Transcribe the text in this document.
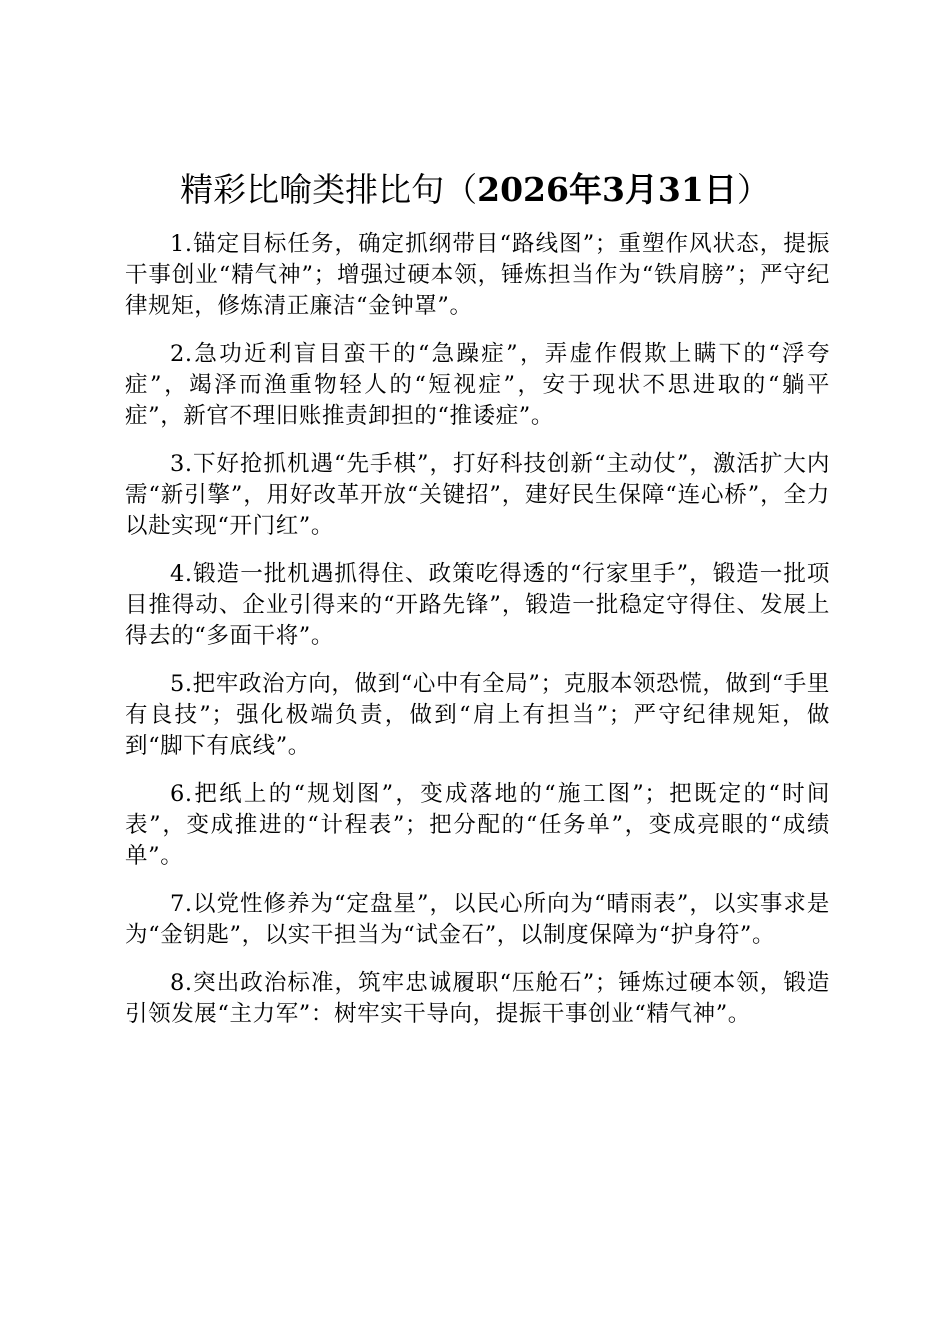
精彩比喻类排比句（2026年3月31日）

1.锚定目标任务，确定抓纲带目“路线图”；重塑作风状态，提振干事创业“精气神”；增强过硬本领，锤炼担当作为“铁肩膀”；严守纪律规矩，修炼清正廉洁“金钟罩”。

2.急功近利盲目蛮干的“急躁症”，弄虚作假欺上瞒下的“浮夸症”，竭泽而渔重物轻人的“短视症”，安于现状不思进取的“躺平症”，新官不理旧账推责卸担的“推诿症”。

3.下好抢抓机遇“先手棋”，打好科技创新“主动仗”，激活扩大内需“新引擎”，用好改革开放“关键招”，建好民生保障“连心桥”，全力以赴实现“开门红”。

4.锻造一批机遇抓得住、政策吃得透的“行家里手”，锻造一批项目推得动、企业引得来的“开路先锋”，锻造一批稳定守得住、发展上得去的“多面干将”。

5.把牢政治方向，做到“心中有全局”；克服本领恐慌，做到“手里有良技”；强化极端负责，做到“肩上有担当”；严守纪律规矩，做到“脚下有底线”。

6.把纸上的“规划图”，变成落地的“施工图”；把既定的“时间表”，变成推进的“计程表”；把分配的“任务单”，变成亮眼的“成绩单”。

7.以党性修养为“定盘星”，以民心所向为“晴雨表”，以实事求是为“金钥匙”，以实干担当为“试金石”，以制度保障为“护身符”。

8.突出政治标准，筑牢忠诚履职“压舱石”；锤炼过硬本领，锻造引领发展“主力军”：树牢实干导向，提振干事创业“精气神”。
